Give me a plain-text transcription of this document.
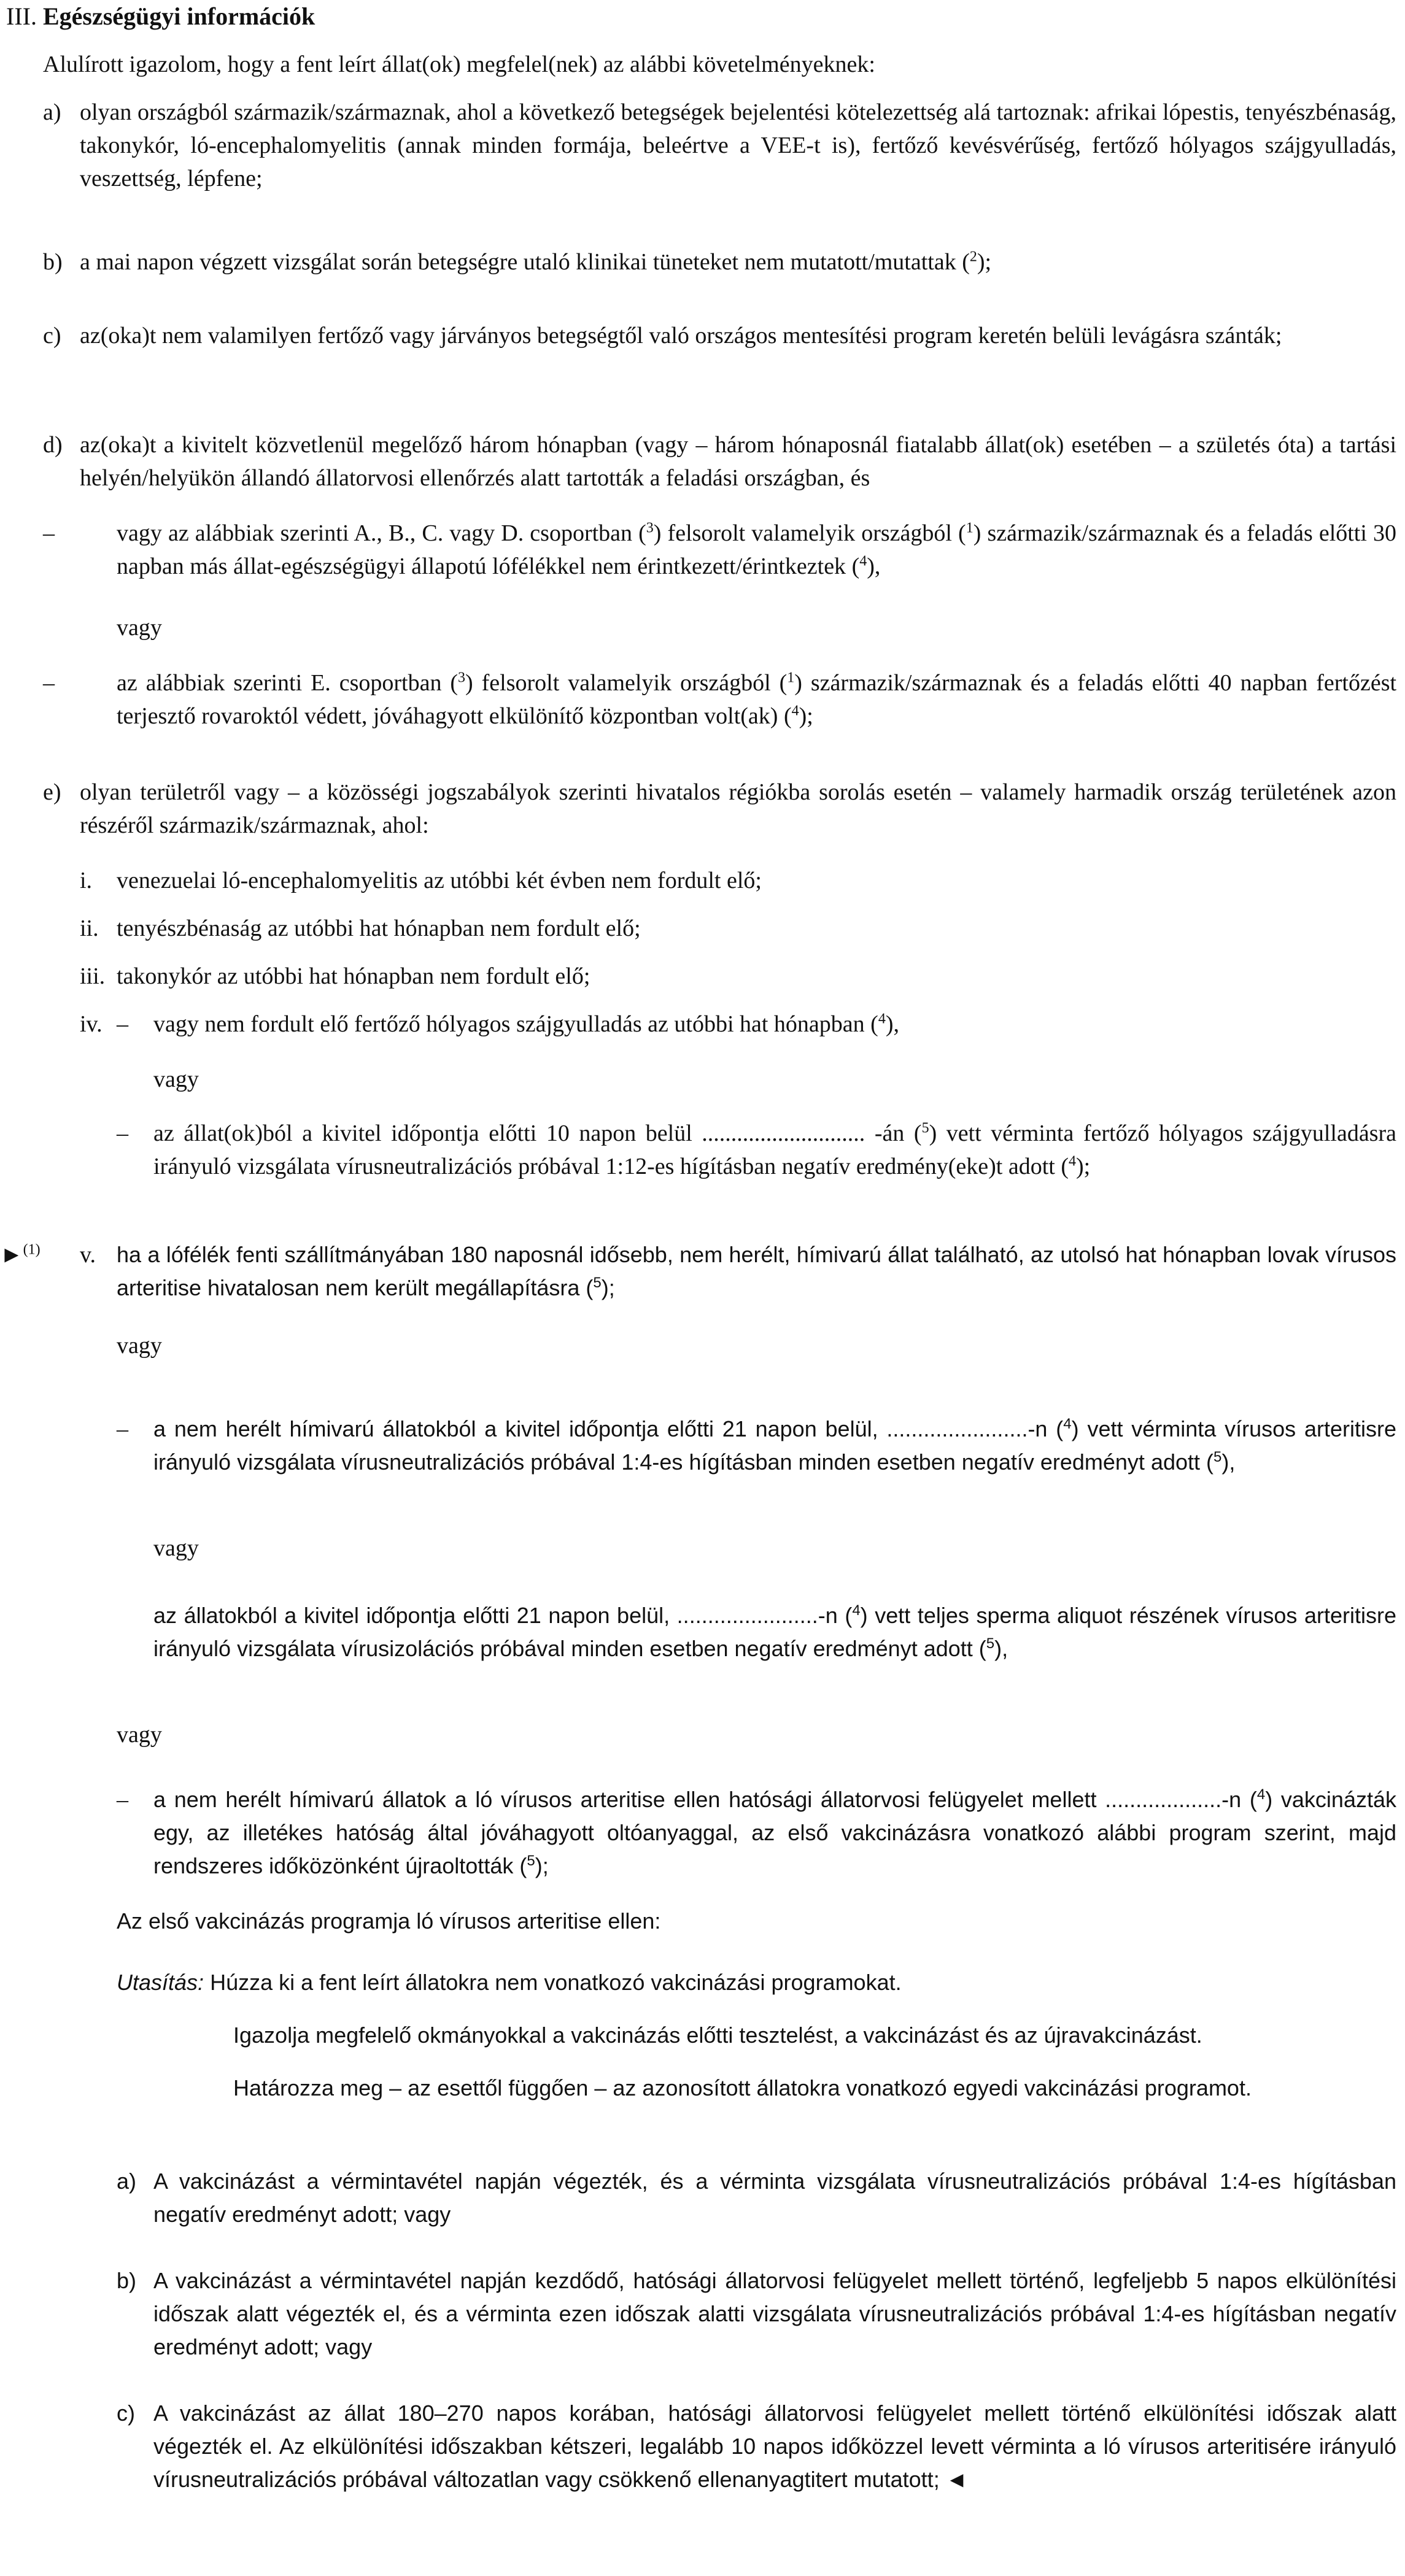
III. Egészségügyi információk

Alulírott igazolom, hogy a fent leírt állat(ok) megfelel(nek) az alábbi követelményeknek:

a) olyan országból származik/származnak, ahol a következő betegségek bejelentési kötelezettség alá tartoznak: afrikai lópestis, tenyészbénaság, takonykór, ló-encephalomyelitis (annak minden formája, beleértve a VEE-t is), fertőző kevésvérűség, fertőző hólyagos szájgyulladás, veszettség, lépfene;

b) a mai napon végzett vizsgálat során betegségre utaló klinikai tüneteket nem mutatott/mutattak ($^2$);

c) az(oka)t nem valamilyen fertőző vagy járványos betegségtől való országos mentesítési program keretén belüli levágásra szánták;

d) az(oka)t a kivitelt közvetlenül megelőző három hónapban (vagy – három hónaposnál fiatalabb állat(ok) esetében – a születés óta) a tartási helyén/helyükön állandó állatorvosi ellenőrzés alatt tartották a feladási országban, és

–	vagy az alábbiak szerinti A., B., C. vagy D. csoportban ($^3$) felsorolt valamelyik országból ($^1$) származik/származnak és a feladás előtti 30 napban más állat-egészségügyi állapotú lófélékkel nem érintkezett/érintkeztek ($^4$),

vagy

–	az alábbiak szerinti E. csoportban ($^3$) felsorolt valamelyik országból ($^1$) származik/származnak és a feladás előtti 40 napban fertőzést terjesztő rovaroktól védett, jóváhagyott elkülönítő központban volt(ak) ($^4$);

e) olyan területről vagy – a közösségi jogszabályok szerinti hivatalos régiókba sorolás esetén – valamely harmadik ország területének azon részéről származik/származnak, ahol:

i. venezuelai ló-encephalomyelitis az utóbbi két évben nem fordult elő;

ii. tenyészbénaság az utóbbi hat hónapban nem fordult elő;

iii. takonykór az utóbbi hat hónapban nem fordult elő;

iv. – vagy nem fordult elő fertőző hólyagos szájgyulladás az utóbbi hat hónapban ($^4$),

vagy

– az állat(ok)ból a kivitel időpontja előtti 10 napon belül ............................ -án ($^5$) vett vérminta fertőző hólyagos szájgyulladásra irányuló vizsgálata vírusneutralizációs próbával 1:12-es hígításban negatív eredmény(eke)t adott ($^4$);

►$^{(1)}$ v. ha a lófélék fenti szállítmányában 180 naposnál idősebb, nem herélt, hímivarú állat található, az utolsó hat hónapban lovak vírusos arteritise hivatalosan nem került megállapításra ($^5$);

vagy

– a nem herélt hímivarú állatokból a kivitel időpontja előtti 21 napon belül, .......................-n ($^4$) vett vérminta vírusos arteritisre irányuló vizsgálata vírusneutralizációs próbával 1:4-es hígításban minden esetben negatív eredményt adott ($^5$),

vagy

az állatokból a kivitel időpontja előtti 21 napon belül, .......................-n ($^4$) vett teljes sperma aliquot részének vírusos arteritisre irányuló vizsgálata vírusizolációs próbával minden esetben negatív eredményt adott ($^5$),

vagy

– a nem herélt hímivarú állatok a ló vírusos arteritise ellen hatósági állatorvosi felügyelet mellett ...................-n ($^4$) vakcinázták egy, az illetékes hatóság által jóváhagyott oltóanyaggal, az első vakcinázásra vonatkozó alábbi program szerint, majd rendszeres időközönként újraoltották ($^5$);

Az első vakcinázás programja ló vírusos arteritise ellen:

Utasítás: Húzza ki a fent leírt állatokra nem vonatkozó vakcinázási programokat.

Igazolja megfelelő okmányokkal a vakcinázás előtti tesztelést, a vakcinázást és az újravakcinázást.

Határozza meg – az esettől függően – az azonosított állatokra vonatkozó egyedi vakcinázási programot.

a) A vakcinázást a vérmintavétel napján végezték, és a vérminta vizsgálata vírusneutralizációs próbával 1:4-es hígításban negatív eredményt adott; vagy

b) A vakcinázást a vérmintavétel napján kezdődő, hatósági állatorvosi felügyelet mellett történő, legfeljebb 5 napos elkülönítési időszak alatt végezték el, és a vérminta ezen időszak alatti vizsgálata vírusneutralizációs próbával 1:4-es hígításban negatív eredményt adott; vagy

c) A vakcinázást az állat 180–270 napos korában, hatósági állatorvosi felügyelet mellett történő elkülönítési időszak alatt végezték el. Az elkülönítési időszakban kétszeri, legalább 10 napos időközzel levett vérminta a ló vírusos arteritisére irányuló vírusneutralizációs próbával változatlan vagy csökkenő ellenanyagtitert mutatott; ◄
